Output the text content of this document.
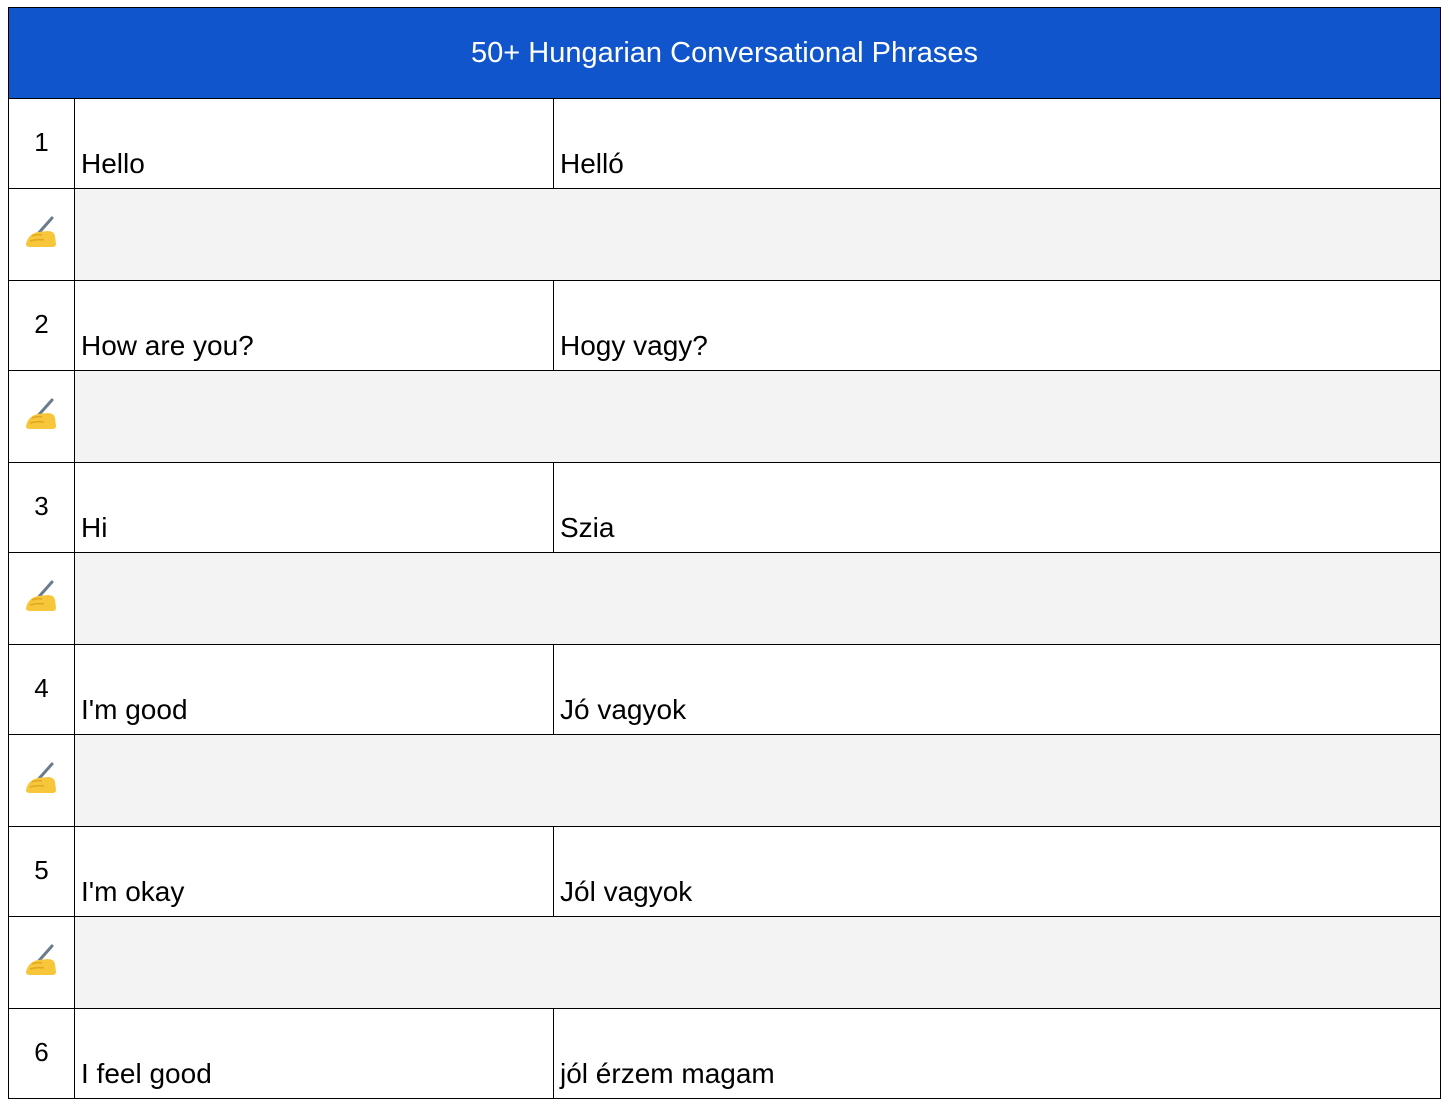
50+ Hungarian Conversational Phrases		
1	Hello	Helló

2	How are you?	Hogy vagy?

3	Hi	Szia

4	I'm good	Jó vagyok

5	I'm okay	Jól vagyok

6	I feel good	jól érzem magam
